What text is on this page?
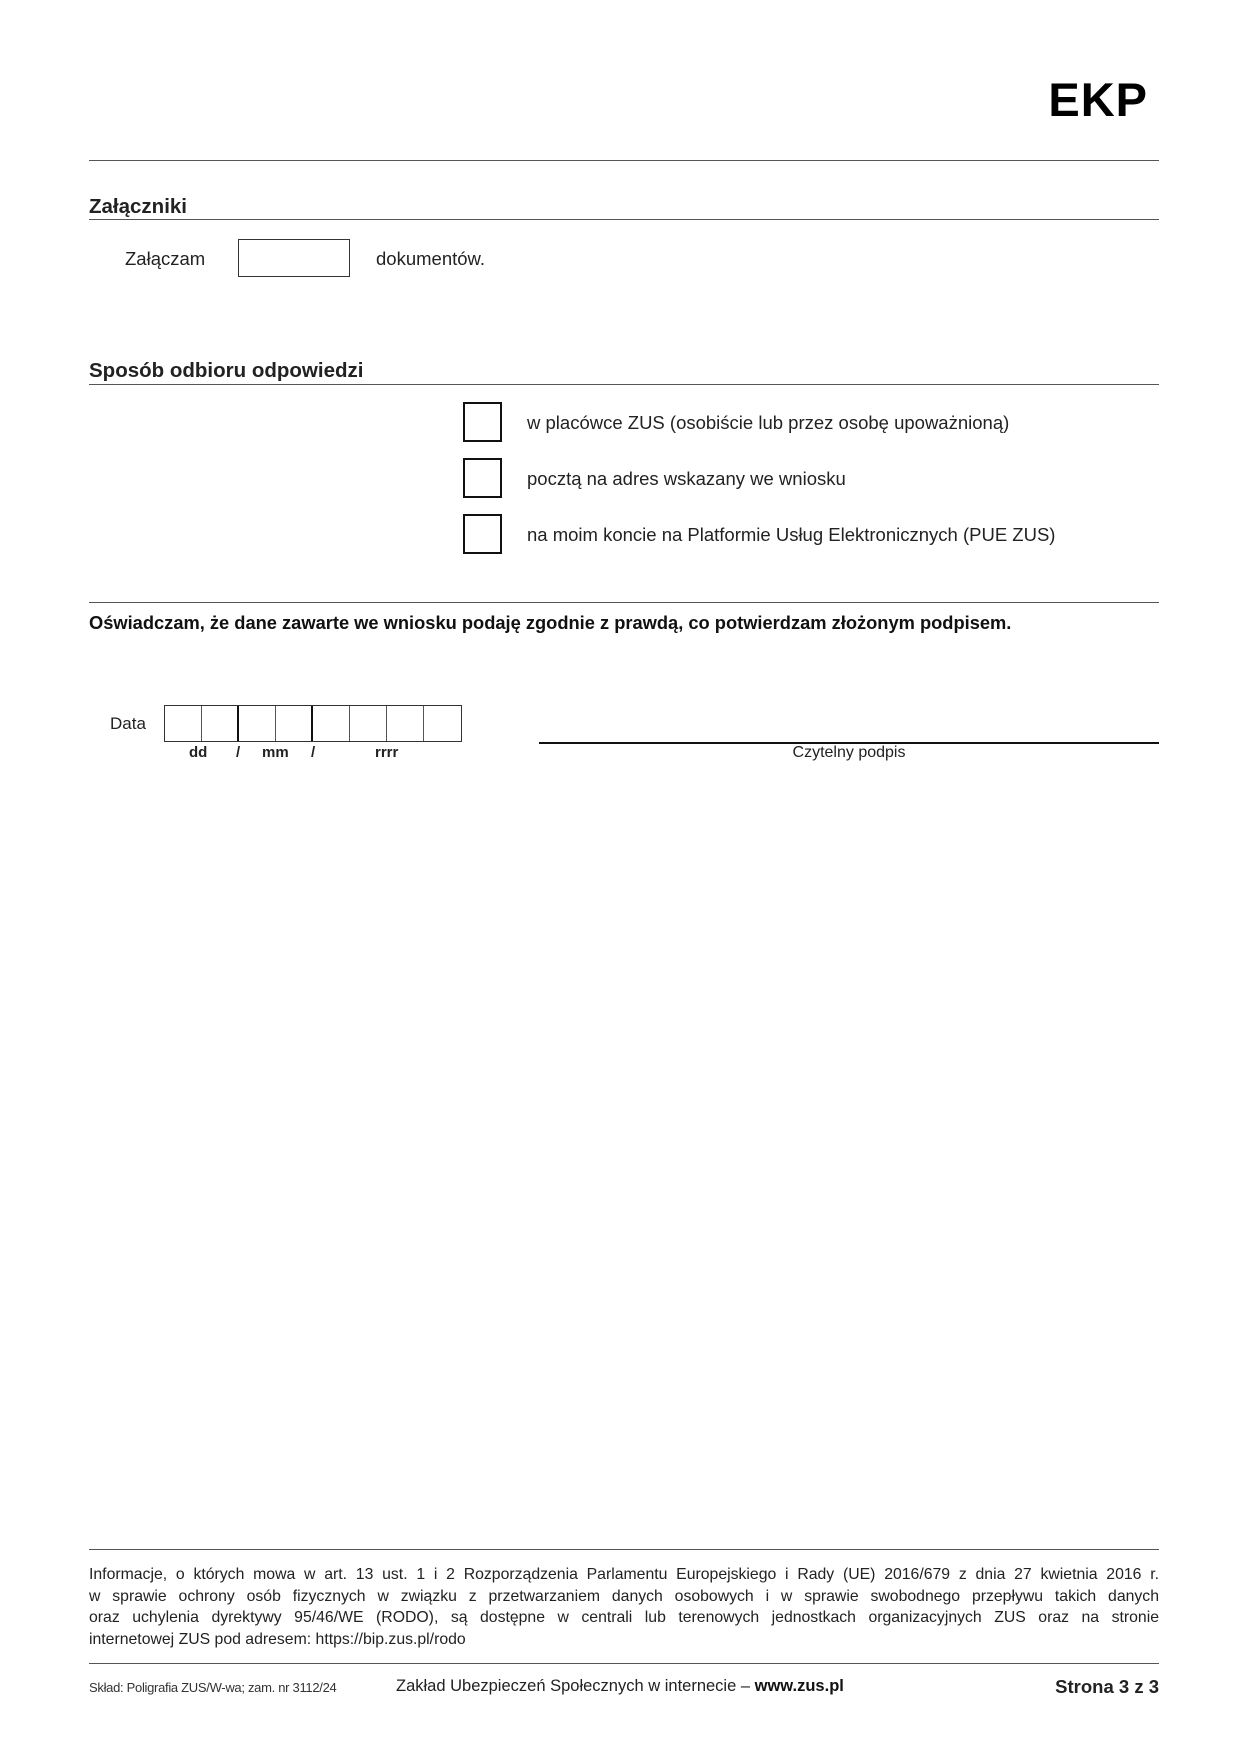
EKP
Załączniki
Załączam	dokumentów.
Sposób odbioru odpowiedzi
w placówce ZUS (osobiście lub przez osobę upoważnioną)
pocztą na adres wskazany we wniosku
na moim koncie na Platformie Usług Elektronicznych (PUE ZUS)
Oświadczam, że dane zawarte we wniosku podaję zgodnie z prawdą, co potwierdzam złożonym podpisem.
Data
dd / mm /	rrrr	Czytelny podpis
Informacje, o których mowa w art. 13 ust. 1 i 2 Rozporządzenia Parlamentu Europejskiego i Rady (UE) 2016/679 z dnia 27 kwietnia 2016 r.
w sprawie ochrony osób fizycznych w związku z przetwarzaniem danych osobowych i w sprawie swobodnego przepływu takich danych
oraz uchylenia dyrektywy 95/46/WE (RODO), są dostępne w centrali lub terenowych jednostkach organizacyjnych ZUS oraz na stronie
internetowej ZUS pod adresem: https://bip.zus.pl/rodo
Skład: Poligrafia ZUS/W-wa; zam. nr 3112/24	Zakład Ubezpieczeń Społecznych w internecie – www.zus.pl	Strona 3 z 3
